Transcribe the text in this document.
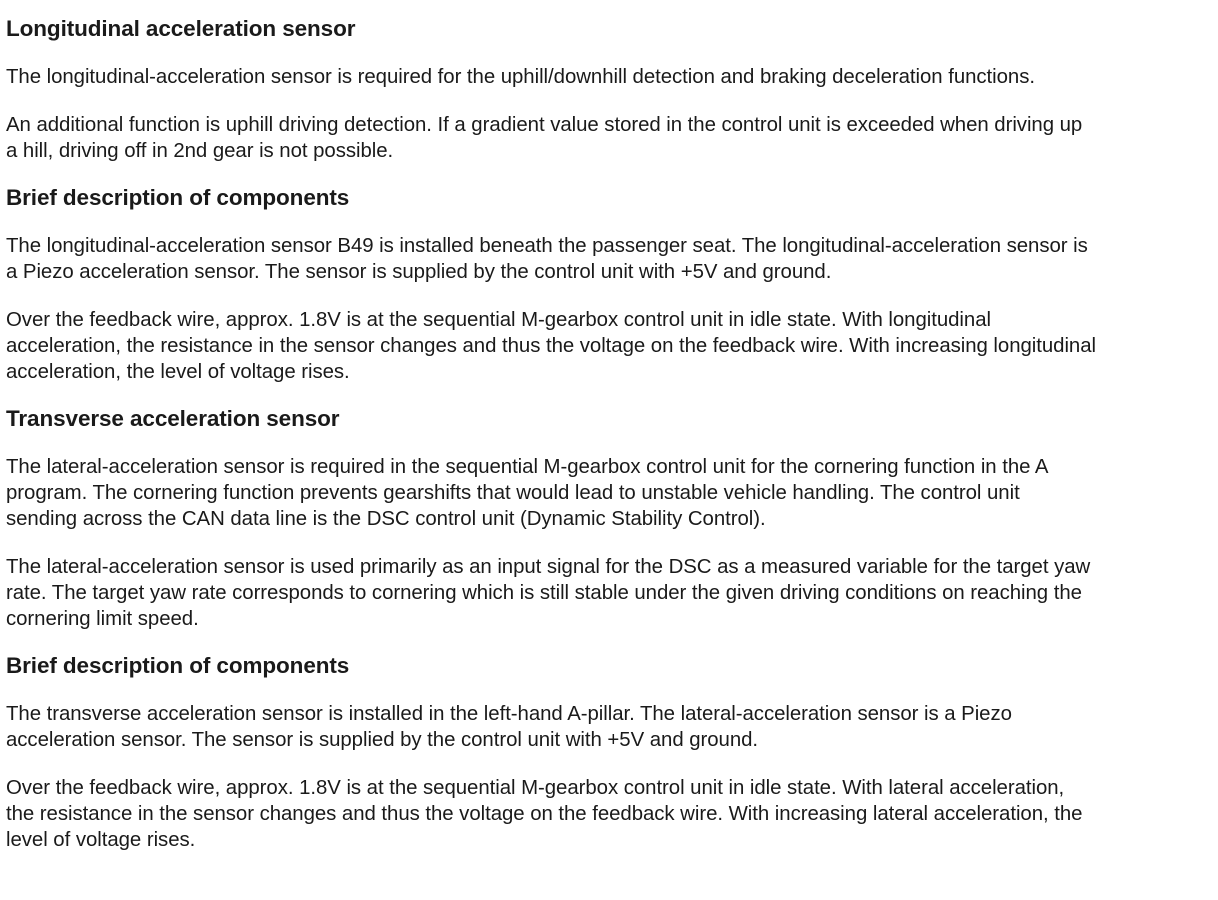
Longitudinal acceleration sensor

The longitudinal-acceleration sensor is required for the uphill/downhill detection and braking deceleration functions.

An additional function is uphill driving detection. If a gradient value stored in the control unit is exceeded when driving up a hill, driving off in 2nd gear is not possible.

Brief description of components

The longitudinal-acceleration sensor B49 is installed beneath the passenger seat. The longitudinal-acceleration sensor is a Piezo acceleration sensor. The sensor is supplied by the control unit with +5V and ground.

Over the feedback wire, approx. 1.8V is at the sequential M-gearbox control unit in idle state. With longitudinal acceleration, the resistance in the sensor changes and thus the voltage on the feedback wire. With increasing longitudinal acceleration, the level of voltage rises.

Transverse acceleration sensor

The lateral-acceleration sensor is required in the sequential M-gearbox control unit for the cornering function in the A program. The cornering function prevents gearshifts that would lead to unstable vehicle handling. The control unit sending across the CAN data line is the DSC control unit (Dynamic Stability Control).

The lateral-acceleration sensor is used primarily as an input signal for the DSC as a measured variable for the target yaw rate. The target yaw rate corresponds to cornering which is still stable under the given driving conditions on reaching the cornering limit speed.

Brief description of components

The transverse acceleration sensor is installed in the left-hand A-pillar. The lateral-acceleration sensor is a Piezo acceleration sensor. The sensor is supplied by the control unit with +5V and ground.

Over the feedback wire, approx. 1.8V is at the sequential M-gearbox control unit in idle state. With lateral acceleration, the resistance in the sensor changes and thus the voltage on the feedback wire. With increasing lateral acceleration, the level of voltage rises.
